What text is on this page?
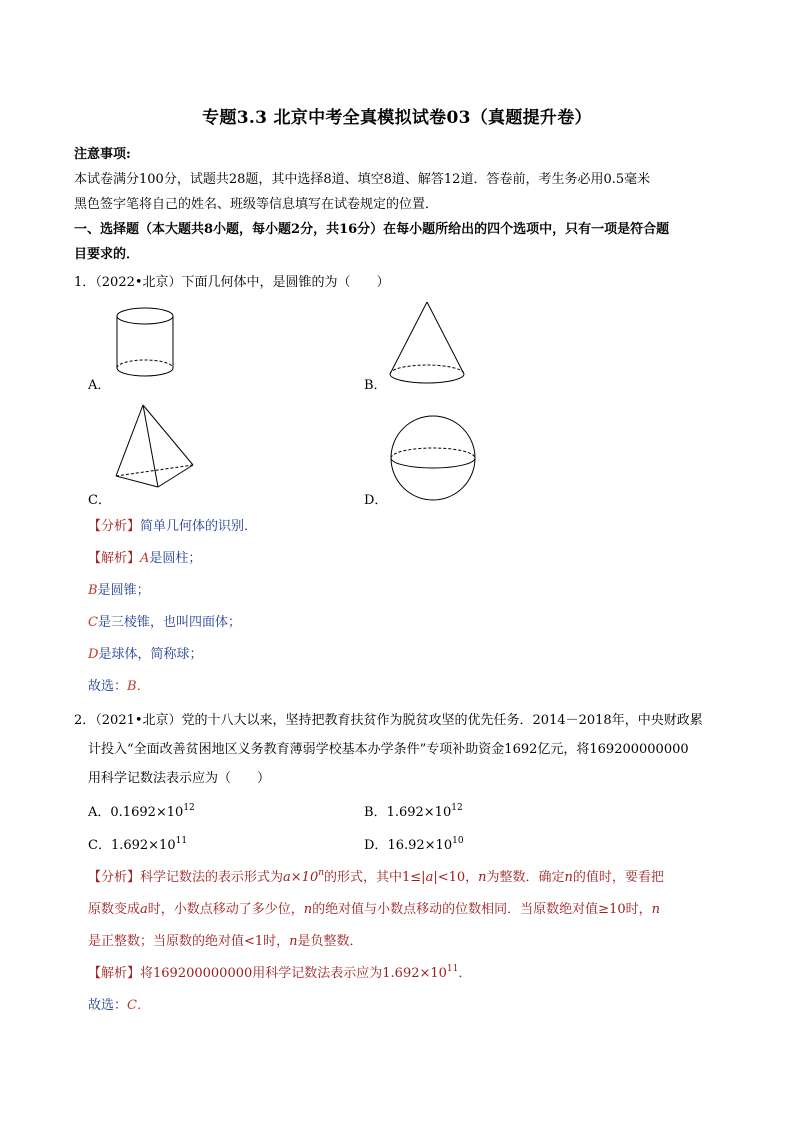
专题3.3 北京中考全真模拟试卷03（真题提升卷）
注意事项:
本试卷满分100分，试题共28题，其中选择8道、填空8道、解答12道．答卷前，考生务必用0.5毫米
黑色签字笔将自己的姓名、班级等信息填写在试卷规定的位置．
一、选择题（本大题共8小题，每小题2分，共16分）在每小题所给出的四个选项中，只有一项是符合题
目要求的．
1．（2022•北京）下面几何体中，是圆锥的为（　　）
A．	B．
C．	D．
【分析】简单几何体的识别．
【解析】A是圆柱；
B是圆锥；
C是三棱锥，也叫四面体；
D是球体，简称球；
故选：B．
2．（2021•北京）党的十八大以来，坚持把教育扶贫作为脱贫攻坚的优先任务．2014－2018年，中央财政累
计投入“全面改善贫困地区义务教育薄弱学校基本办学条件”专项补助资金1692亿元，将169200000000
用科学记数法表示应为（　　）
A．$0.1692\times 10^{12}$	B．$1.692\times 10^{12}$
C．$1.692\times 10^{11}$	D．$16.92\times 10^{10}$
【分析】科学记数法的表示形式为$a\times 10^n$的形式，其中1≤|a|<10，n为整数．确定n的值时，要看把
原数变成a时，小数点移动了多少位，n的绝对值与小数点移动的位数相同．当原数绝对值≥10时，n
是正整数；当原数的绝对值<1时，n是负整数．
【解析】将169200000000用科学记数法表示应为$1.692\times 10^{11}$．
故选：C．
